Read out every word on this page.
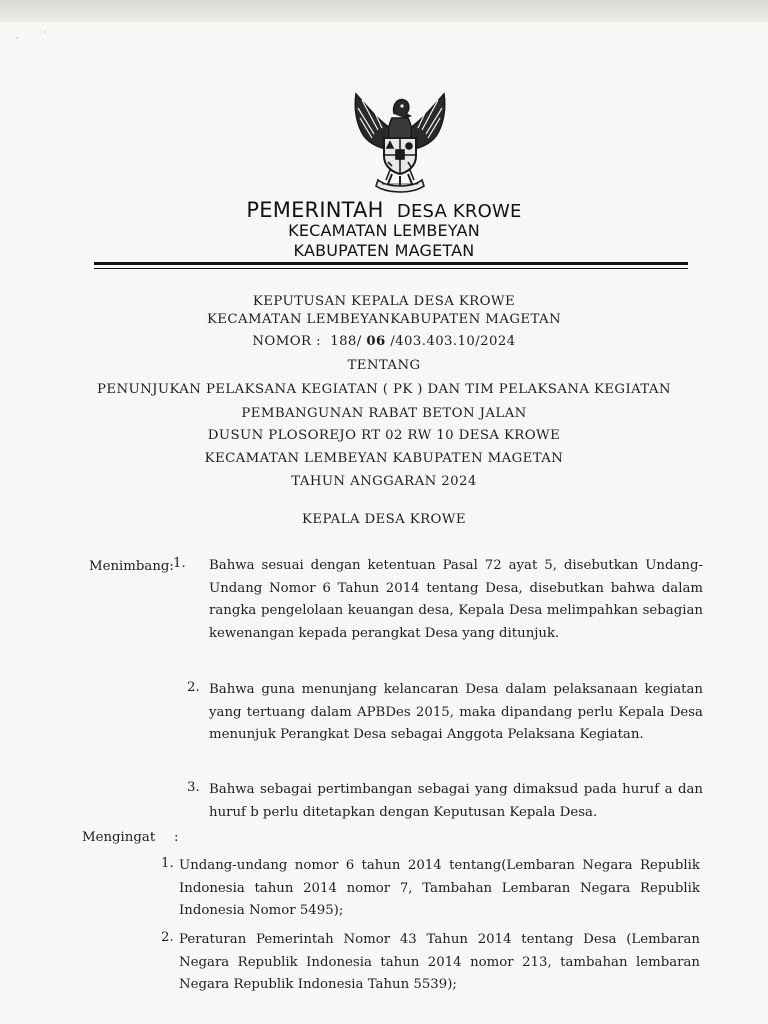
·
·
PEMERINTAH DESA KROWE
KECAMATAN LEMBEYAN
KABUPATEN MAGETAN
KEPUTUSAN KEPALA DESA KROWE
KECAMATAN LEMBEYANKABUPATEN MAGETAN
NOMOR :  188/ 06 /403.403.10/2024
TENTANG
PENUNJUKAN PELAKSANA KEGIATAN ( PK ) DAN TIM PELAKSANA KEGIATAN
PEMBANGUNAN RABAT BETON JALAN
DUSUN PLOSOREJO RT 02 RW 10 DESA KROWE
KECAMATAN LEMBEYAN KABUPATEN MAGETAN
TAHUN ANGGARAN 2024
KEPALA DESA KROWE
Menimbang: 1. Bahwa sesuai dengan ketentuan Pasal 72 ayat 5, disebutkan Undang-Undang Nomor 6 Tahun 2014 tentang Desa, disebutkan bahwa dalam rangka pengelolaan keuangan desa, Kepala Desa melimpahkan sebagian kewenangan kepada perangkat Desa yang ditunjuk.
2. Bahwa guna menunjang kelancaran Desa dalam pelaksanaan kegiatan yang tertuang dalam APBDes 2015, maka dipandang perlu Kepala Desa menunjuk Perangkat Desa sebagai Anggota Pelaksana Kegiatan.
3. Bahwa sebagai pertimbangan sebagai yang dimaksud pada huruf a dan huruf b perlu ditetapkan dengan Keputusan Kepala Desa.
Mengingat :
1. Undang-undang nomor 6 tahun 2014 tentang(Lembaran Negara Republik Indonesia tahun 2014 nomor 7, Tambahan Lembaran Negara Republik Indonesia Nomor 5495);
2. Peraturan Pemerintah Nomor 43 Tahun 2014 tentang Desa (Lembaran Negara Republik Indonesia tahun 2014 nomor 213, tambahan lembaran Negara Republik Indonesia Tahun 5539);
